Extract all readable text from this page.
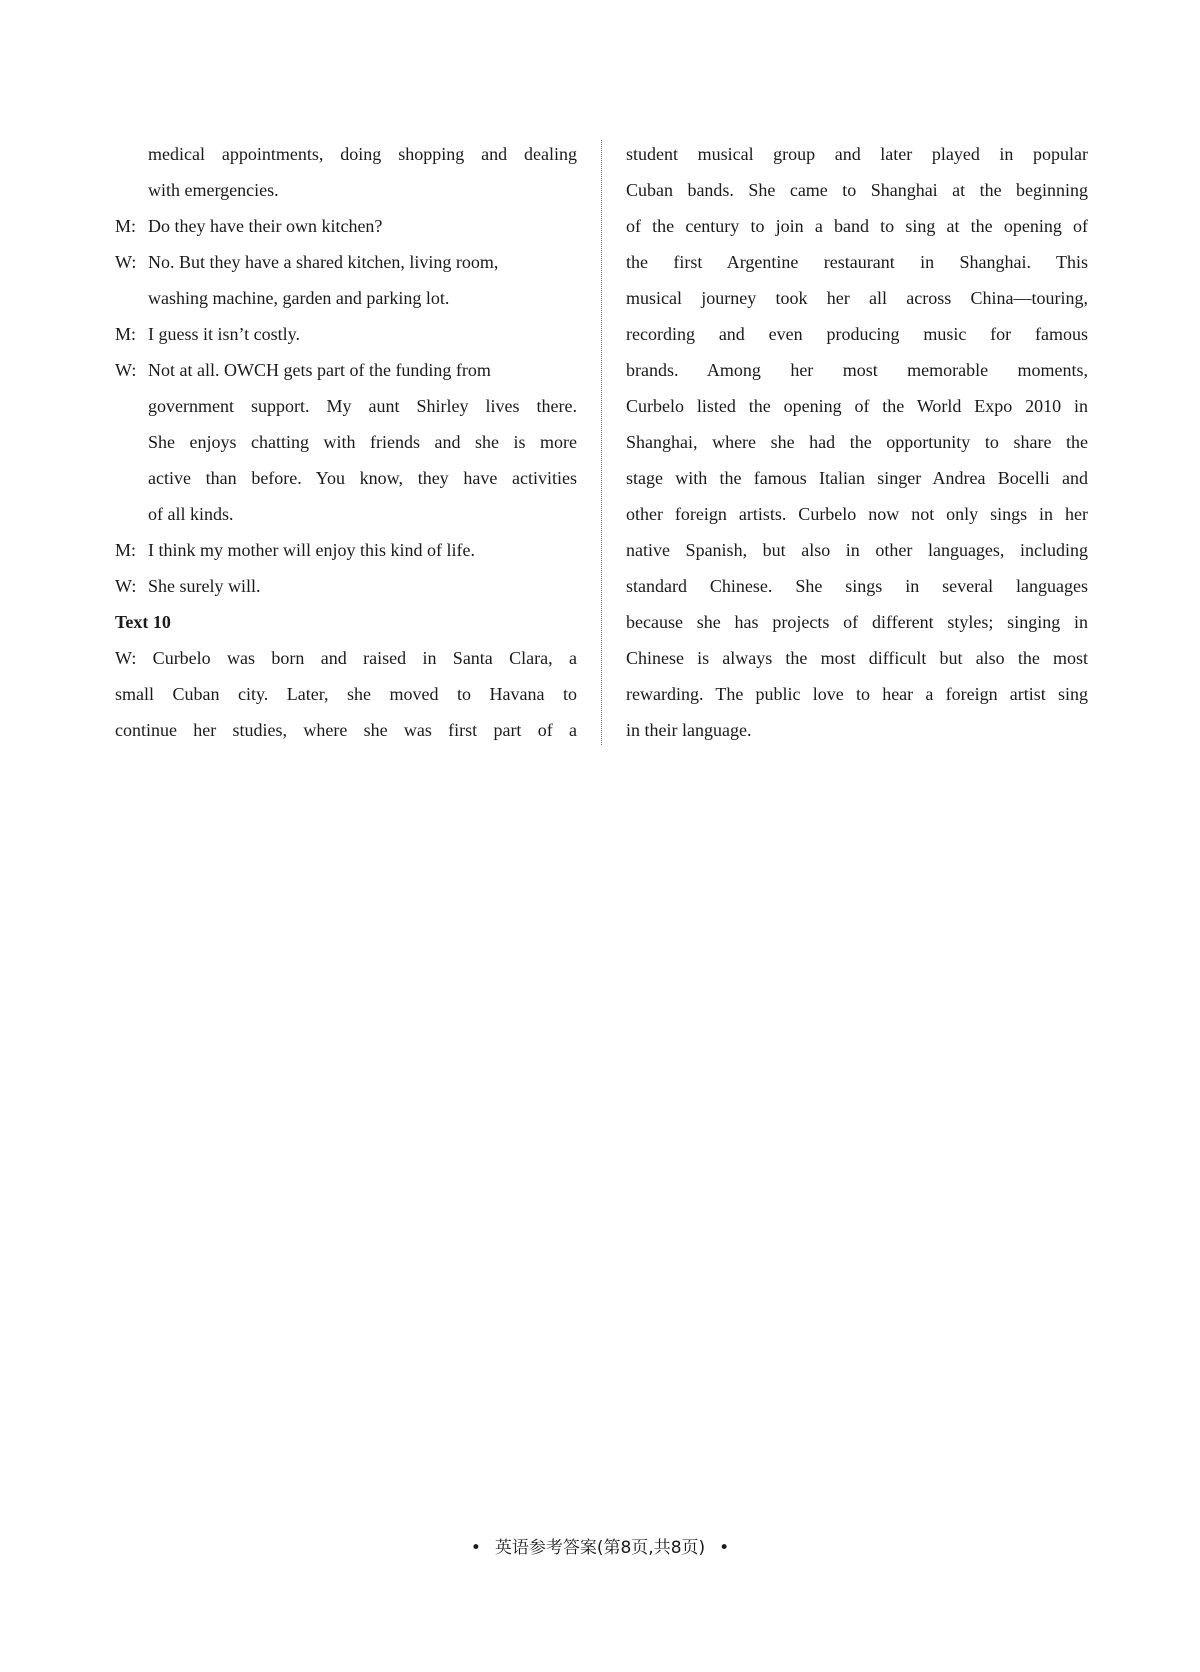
medical appointments, doing shopping and dealing
with emergencies.
M: Do they have their own kitchen?
W: No. But they have a shared kitchen, living room,
washing machine, garden and parking lot.
M: I guess it isn’t costly.
W: Not at all. OWCH gets part of the funding from
government support. My aunt Shirley lives there.
She enjoys chatting with friends and she is more
active than before. You know, they have activities
of all kinds.
M: I think my mother will enjoy this kind of life.
W: She surely will.
Text 10
W: Curbelo was born and raised in Santa Clara, a
small Cuban city. Later, she moved to Havana to
continue her studies, where she was first part of a
student musical group and later played in popular
Cuban bands. She came to Shanghai at the beginning
of the century to join a band to sing at the opening of
the first Argentine restaurant in Shanghai. This
musical journey took her all across China—touring,
recording and even producing music for famous
brands. Among her most memorable moments,
Curbelo listed the opening of the World Expo 2010 in
Shanghai, where she had the opportunity to share the
stage with the famous Italian singer Andrea Bocelli and
other foreign artists. Curbelo now not only sings in her
native Spanish, but also in other languages, including
standard Chinese. She sings in several languages
because she has projects of different styles; singing in
Chinese is always the most difficult but also the most
rewarding. The public love to hear a foreign artist sing
in their language.
• 英语参考答案(第8页,共8页) •
